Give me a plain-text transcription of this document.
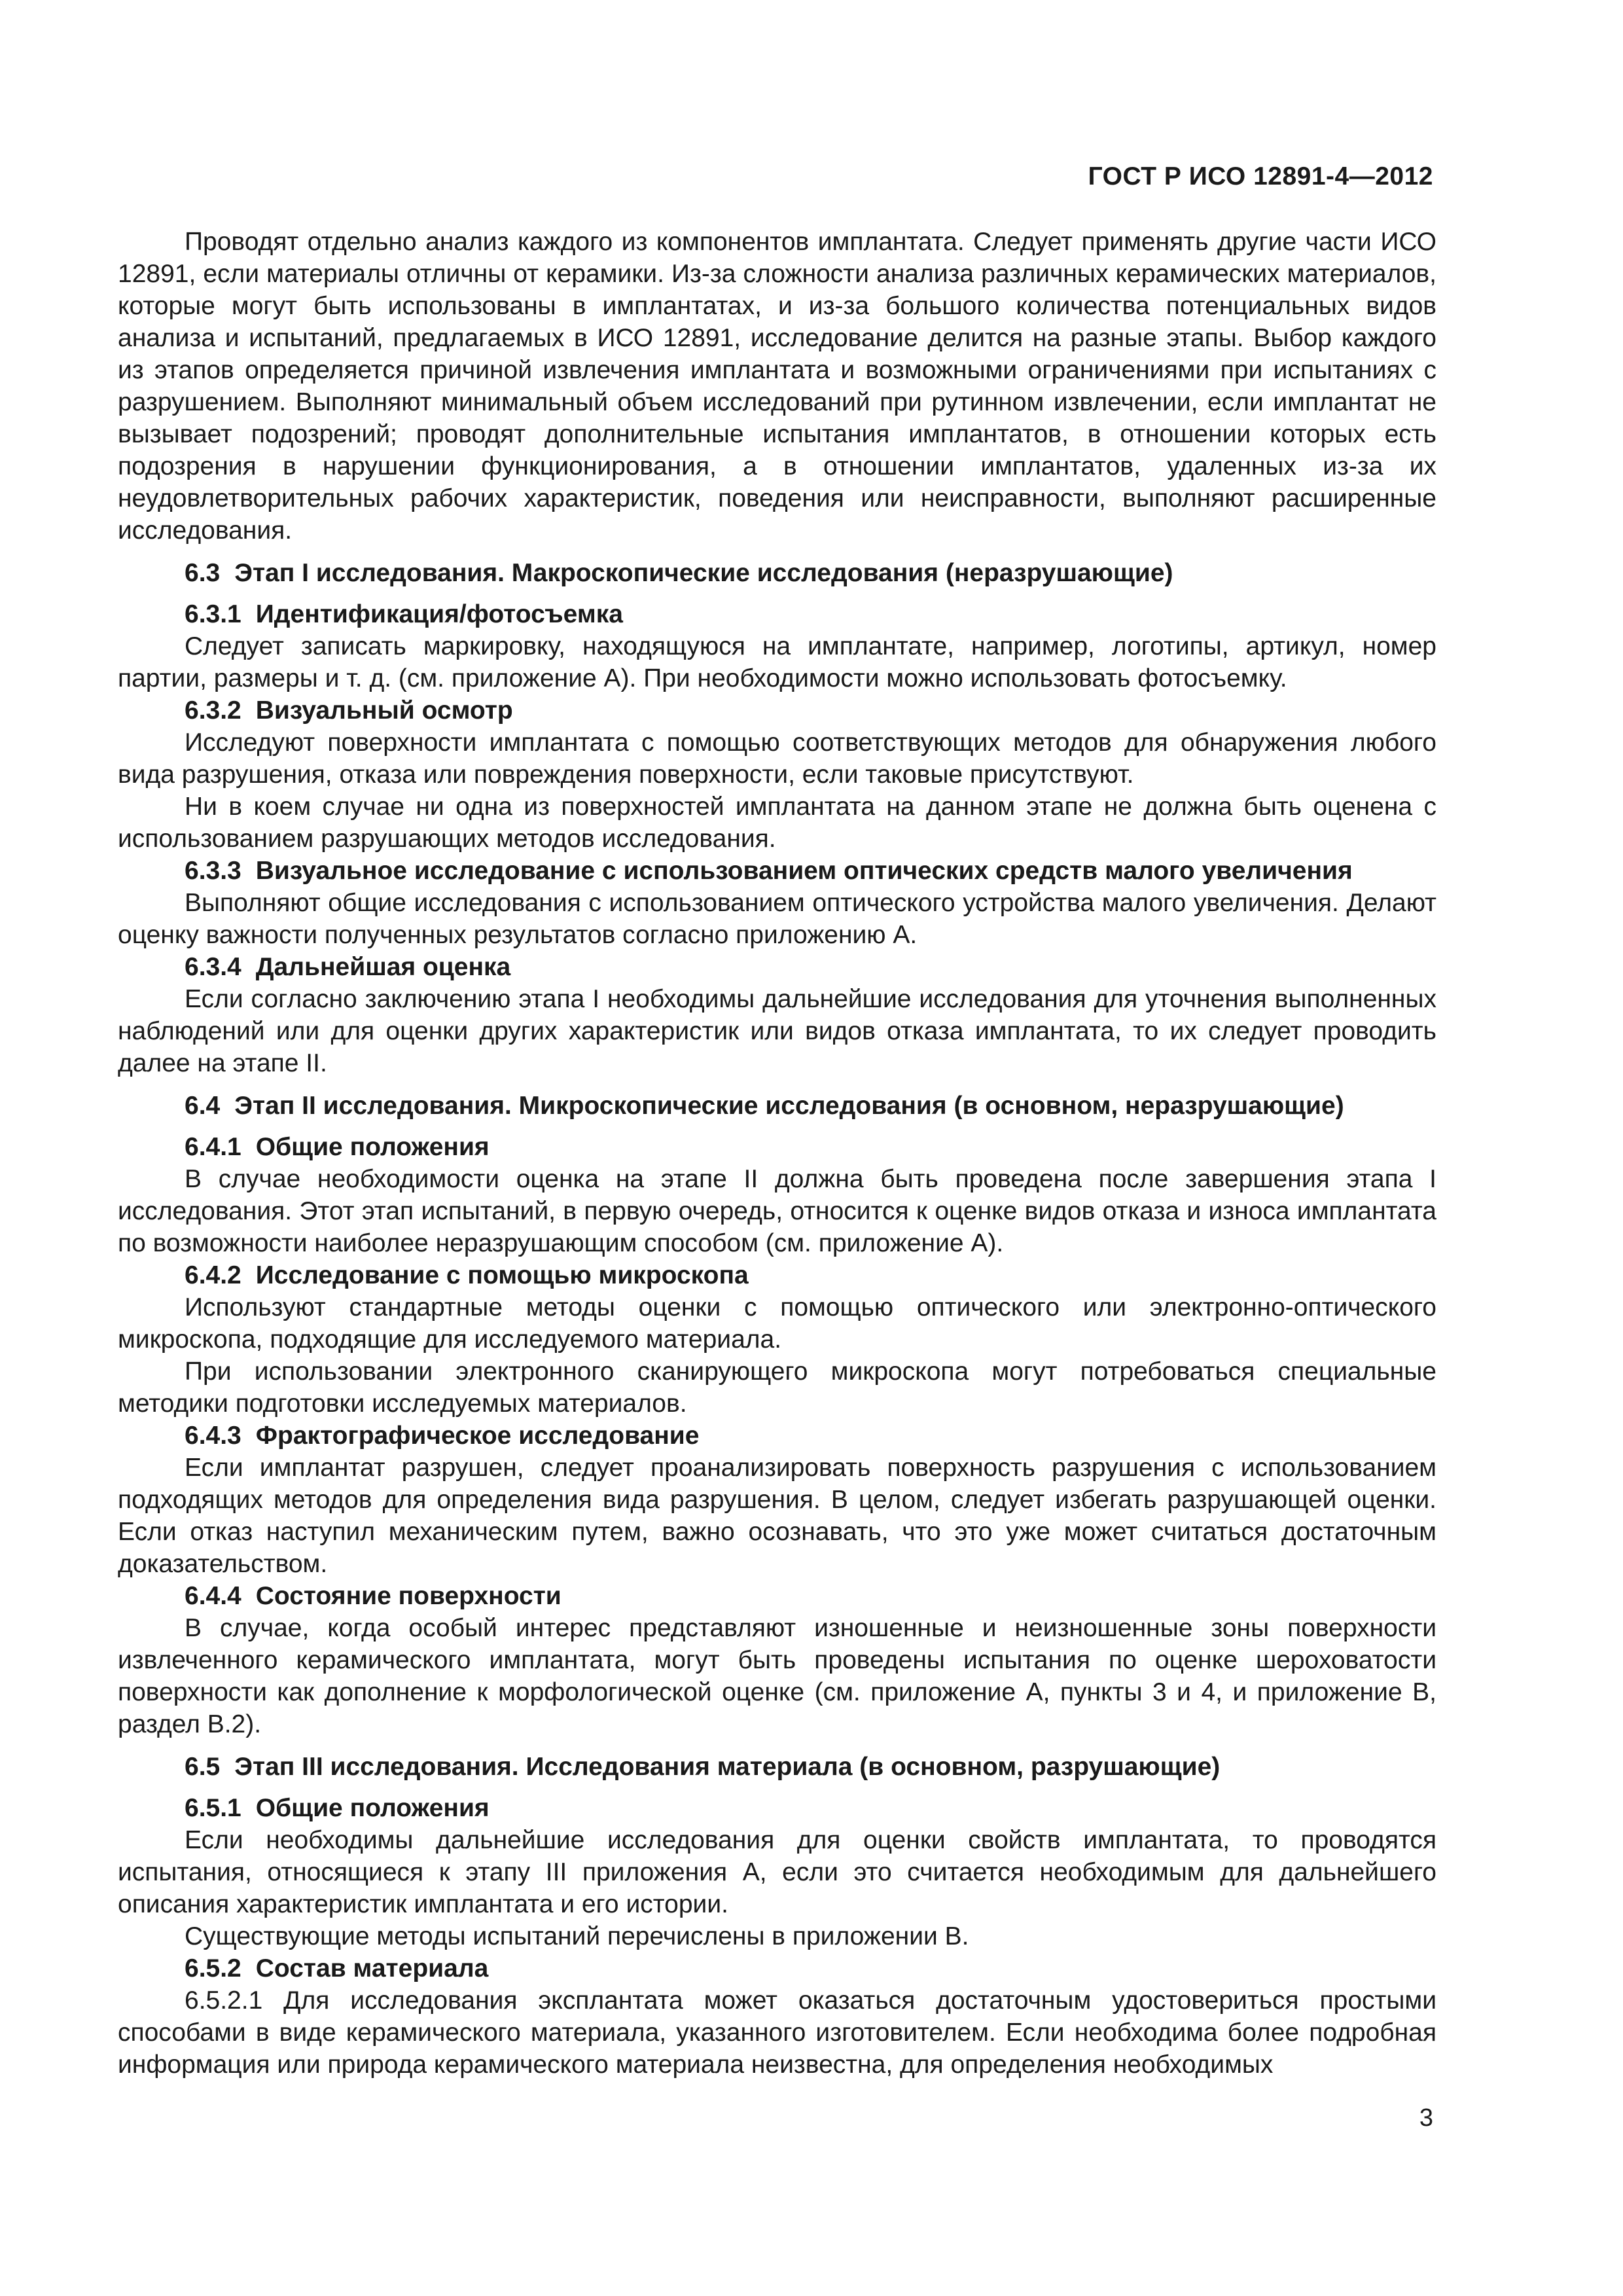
ГОСТ Р ИСО 12891-4—2012

Проводят отдельно анализ каждого из компонентов имплантата. Следует применять другие части ИСО 12891, если материалы отличны от керамики. Из-за сложности анализа различных керамических материалов, которые могут быть использованы в имплантатах, и из-за большого количества потенциальных видов анализа и испытаний, предлагаемых в ИСО 12891, исследование делится на разные этапы. Выбор каждого из этапов определяется причиной извлечения имплантата и возможными ограничениями при испытаниях с разрушением. Выполняют минимальный объем исследований при рутинном извлечении, если имплантат не вызывает подозрений; проводят дополнительные испытания имплантатов, в отношении которых есть подозрения в нарушении функционирования, а в отношении имплантатов, удаленных из-за их неудовлетворительных рабочих характеристик, поведения или неисправности, выполняют расширенные исследования.

6.3 Этап I исследования. Макроскопические исследования (неразрушающие)
6.3.1 Идентификация/фотосъемка

Следует записать маркировку, находящуюся на имплантате, например, логотипы, артикул, номер партии, размеры и т. д. (см. приложение А). При необходимости можно использовать фотосъемку.

6.3.2 Визуальный осмотр

Исследуют поверхности имплантата с помощью соответствующих методов для обнаружения любого вида разрушения, отказа или повреждения поверхности, если таковые присутствуют.

Ни в коем случае ни одна из поверхностей имплантата на данном этапе не должна быть оценена с использованием разрушающих методов исследования.

6.3.3 Визуальное исследование с использованием оптических средств малого увеличения

Выполняют общие исследования с использованием оптического устройства малого увеличения. Делают оценку важности полученных результатов согласно приложению А.

6.3.4 Дальнейшая оценка

Если согласно заключению этапа I необходимы дальнейшие исследования для уточнения выполненных наблюдений или для оценки других характеристик или видов отказа имплантата, то их следует проводить далее на этапе II.

6.4 Этап II исследования. Микроскопические исследования (в основном, неразрушающие)
6.4.1 Общие положения

В случае необходимости оценка на этапе II должна быть проведена после завершения этапа I исследования. Этот этап испытаний, в первую очередь, относится к оценке видов отказа и износа имплантата по возможности наиболее неразрушающим способом (см. приложение А).

6.4.2 Исследование с помощью микроскопа

Используют стандартные методы оценки с помощью оптического или электронно-оптического микроскопа, подходящие для исследуемого материала.

При использовании электронного сканирующего микроскопа могут потребоваться специальные методики подготовки исследуемых материалов.

6.4.3 Фрактографическое исследование

Если имплантат разрушен, следует проанализировать поверхность разрушения с использованием подходящих методов для определения вида разрушения. В целом, следует избегать разрушающей оценки. Если отказ наступил механическим путем, важно осознавать, что это уже может считаться достаточным доказательством.

6.4.4 Состояние поверхности

В случае, когда особый интерес представляют изношенные и неизношенные зоны поверхности извлеченного керамического имплантата, могут быть проведены испытания по оценке шероховатости поверхности как дополнение к морфологической оценке (см. приложение А, пункты 3 и 4, и приложение В, раздел В.2).

6.5 Этап III исследования. Исследования материала (в основном, разрушающие)
6.5.1 Общие положения

Если необходимы дальнейшие исследования для оценки свойств имплантата, то проводятся испытания, относящиеся к этапу III приложения А, если это считается необходимым для дальнейшего описания характеристик имплантата и его истории.

Существующие методы испытаний перечислены в приложении В.

6.5.2 Состав материала

6.5.2.1 Для исследования эксплантата может оказаться достаточным удостовериться простыми способами в виде керамического материала, указанного изготовителем. Если необходима более подробная информация или природа керамического материала неизвестна, для определения необходимых

3
